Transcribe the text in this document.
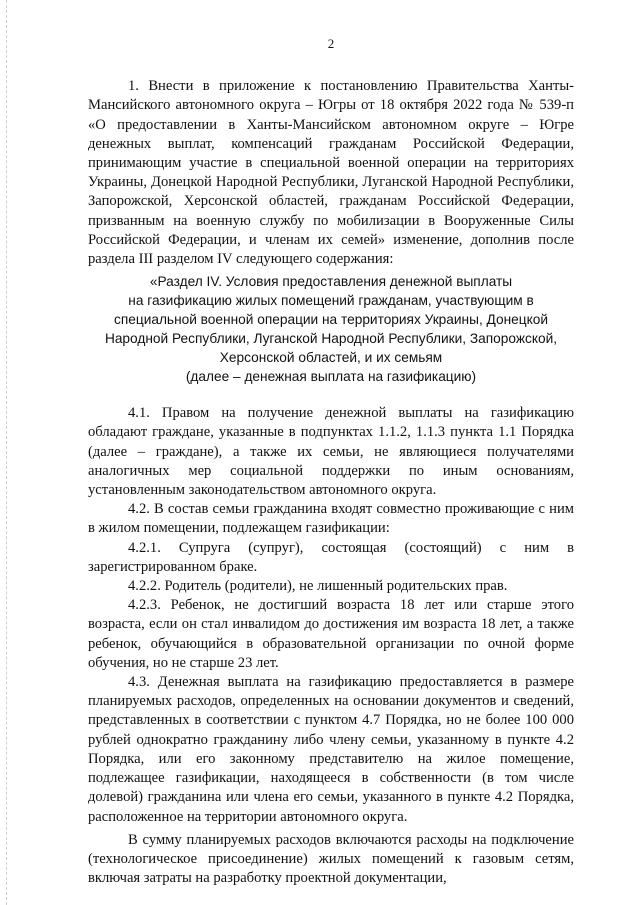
2

1. Внести в приложение к постановлению Правительства Ханты-Мансийского автономного округа – Югры от 18 октября 2022 года № 539-п «О предоставлении в Ханты-Мансийском автономном округе – Югре денежных выплат, компенсаций гражданам Российской Федерации, принимающим участие в специальной военной операции на территориях Украины, Донецкой Народной Республики, Луганской Народной Республики, Запорожской, Херсонской областей, гражданам Российской Федерации, призванным на военную службу по мобилизации в Вооруженные Силы Российской Федерации, и членам их семей» изменение, дополнив после раздела III разделом IV следующего содержания:

«Раздел IV. Условия предоставления денежной выплаты
на газификацию жилых помещений гражданам, участвующим в
специальной военной операции на территориях Украины, Донецкой
Народной Республики, Луганской Народной Республики, Запорожской,
Херсонской областей, и их семьям
(далее – денежная выплата на газификацию)

4.1. Правом на получение денежной выплаты на газификацию обладают граждане, указанные в подпунктах 1.1.2, 1.1.3 пункта 1.1 Порядка (далее – граждане), а также их семьи, не являющиеся получателями аналогичных мер социальной поддержки по иным основаниям, установленным законодательством автономного округа.

4.2. В состав семьи гражданина входят совместно проживающие с ним в жилом помещении, подлежащем газификации:

4.2.1. Супруга (супруг), состоящая (состоящий) с ним в зарегистрированном браке.

4.2.2. Родитель (родители), не лишенный родительских прав.

4.2.3. Ребенок, не достигший возраста 18 лет или старше этого возраста, если он стал инвалидом до достижения им возраста 18 лет, а также ребенок, обучающийся в образовательной организации по очной форме обучения, но не старше 23 лет.

4.3. Денежная выплата на газификацию предоставляется в размере планируемых расходов, определенных на основании документов и сведений, представленных в соответствии с пунктом 4.7 Порядка, но не более 100 000 рублей однократно гражданину либо члену семьи, указанному в пункте 4.2 Порядка, или его законному представителю на жилое помещение, подлежащее газификации, находящееся в собственности (в том числе долевой) гражданина или члена его семьи, указанного в пункте 4.2 Порядка, расположенное на территории автономного округа.

В сумму планируемых расходов включаются расходы на подключение (технологическое присоединение) жилых помещений к газовым сетям, включая затраты на разработку проектной документации,
